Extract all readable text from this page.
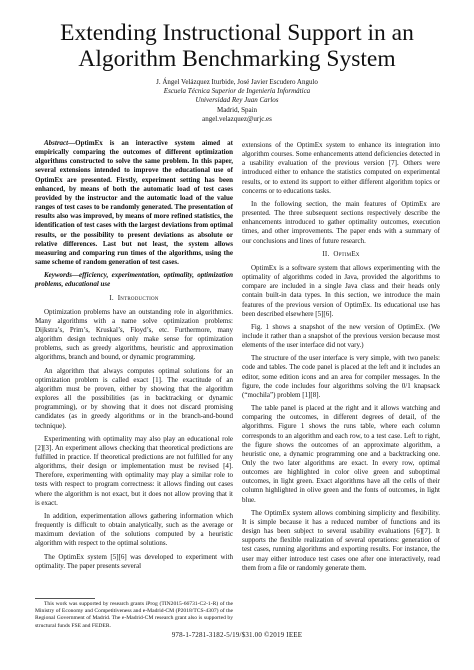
Extending Instructional Support in an Algorithm Benchmarking System
J. Ángel Velázquez Iturbide, José Javier Escudero Angulo
Escuela Técnica Superior de Ingeniería Informática
Universidad Rey Juan Carlos
Madrid, Spain
angel.velazquez@urjc.es

Abstract—OptimEx is an interactive system aimed at empirically comparing the outcomes of different optimization algorithms constructed to solve the same problem. In this paper, several extensions intended to improve the educational use of OptimEx are presented. Firstly, experiment setting has been enhanced, by means of both the automatic load of test cases provided by the instructor and the automatic load of the value ranges of test cases to be randomly generated. The presentation of results also was improved, by means of more refined statistics, the identification of test cases with the largest deviations from optimal results, or the possibility to present deviations as absolute or relative differences. Last but not least, the system allows measuring and comparing run times of the algorithms, using the same scheme of random generation of test cases.

Keywords—efficiency, experimentation, optimality, optimization problems, educational use

I. Introduction

Optimization problems have an outstanding role in algorithmics. Many algorithms with a name solve optimization problems: Dijkstra’s, Prim’s, Kruskal’s, Floyd’s, etc. Furthermore, many algorithm design techniques only make sense for optimization problems, such as greedy algorithms, heuristic and approximation algorithms, branch and bound, or dynamic programming.

An algorithm that always computes optimal solutions for an optimization problem is called exact [1]. The exactitude of an algorithm must be proven, either by showing that the algorithm explores all the possibilities (as in backtracking or dynamic programming), or by showing that it does not discard promising candidates (as in greedy algorithms or in the branch-and-bound technique).

Experimenting with optimality may also play an educational role [2][3]. An experiment allows checking that theoretical predictions are fulfilled in practice. If theoretical predictions are not fulfilled for any algorithms, their design or implementation must be revised [4]. Therefore, experimenting with optimality may play a similar role to tests with respect to program correctness: it allows finding out cases where the algorithm is not exact, but it does not allow proving that it is exact.

In addition, experimentation allows gathering information which frequently is difficult to obtain analytically, such as the average or maximum deviation of the solutions computed by a heuristic algorithm with respect to the optimal solutions.

The OptimEx system [5][6] was developed to experiment with optimality. The paper presents several

extensions of the OptimEx system to enhance its integration into algorithm courses. Some enhancements attend deficiencies detected in a usability evaluation of the previous version [7]. Others were introduced either to enhance the statistics computed on experimental results, or to extend its support to either different algorithm topics or concerns or to educations tasks.

In the following section, the main features of OptimEx are presented. The three subsequent sections respectively describe the enhancements introduced to gather optimality outcomes, execution times, and other improvements. The paper ends with a summary of our conclusions and lines of future research.

II. OptimEx

OptimEx is a software system that allows experimenting with the optimality of algorithms coded in Java, provided the algorithms to compare are included in a single Java class and their heads only contain built-in data types. In this section, we introduce the main features of the previous version of OptimEx. Its educational use has been described elsewhere [5][6].

Fig. 1 shows a snapshot of the new version of OptimEx. (We include it rather than a snapshot of the previous version because most elements of the user interface did not vary.)

The structure of the user interface is very simple, with two panels: code and tables. The code panel is placed at the left and it includes an editor, some edition icons and an area for compiler messages. In the figure, the code includes four algorithms solving the 0/1 knapsack (“mochila”) problem [1][8].

The table panel is placed at the right and it allows watching and comparing the outcomes, in different degrees of detail, of the algorithms. Figure 1 shows the runs table, where each column corresponds to an algorithm and each row, to a test case. Left to right, the figure shows the outcomes of an approximate algorithm, a heuristic one, a dynamic programming one and a backtracking one. Only the two later algorithms are exact. In every row, optimal outcomes are highlighted in color olive green and suboptimal outcomes, in light green. Exact algorithms have all the cells of their column highlighted in olive green and the fonts of outcomes, in light blue.

The OptimEx system allows combining simplicity and flexibility. It is simple because it has a reduced number of functions and its design has been subject to several usability evaluations [6][7]. It supports the flexible realization of several operations: generation of test cases, running algorithms and exporting results. For instance, the user may either introduce test cases one after one interactively, read them from a file or randomly generate them.

This work was supported by research grants iProg (TIN2015-66731-C2-1-R) of the Ministry of Economy and Competitiveness and e-Madrid-CM (P2018/TCS-4307) of the Regional Government of Madrid. The e-Madrid-CM research grant also is supported by structural funds FSE and FEDER.
978-1-7281-3182-5/19/$31.00 ©2019 IEEE
